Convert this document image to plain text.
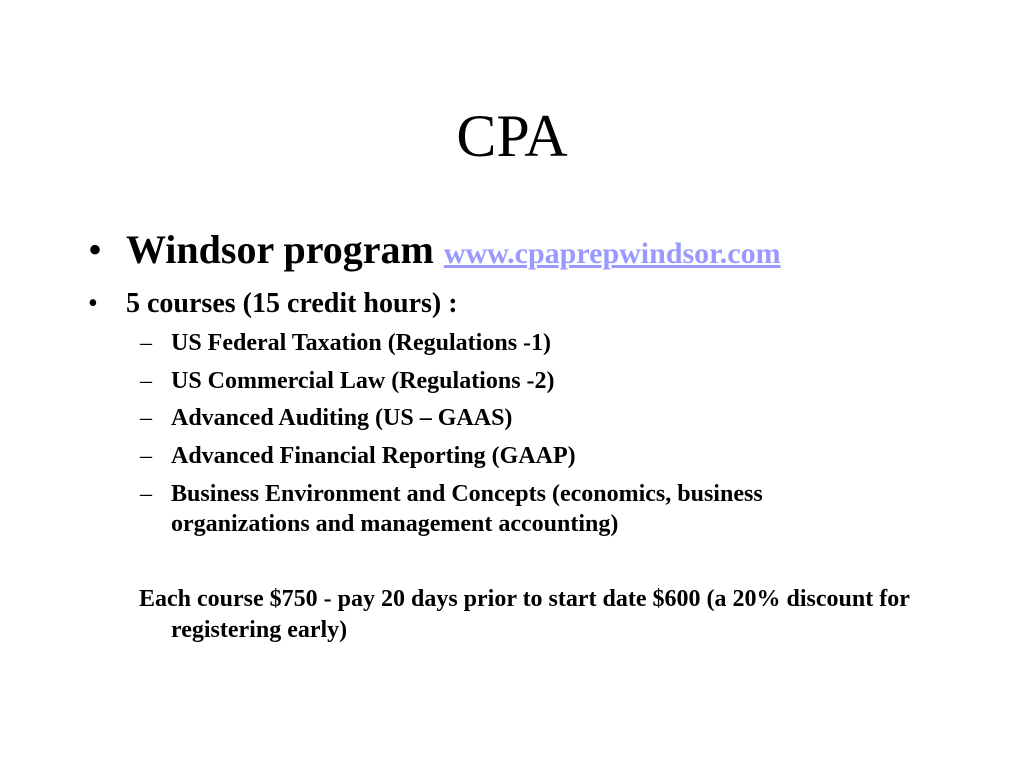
CPA
• Windsor program www.cpaprepwindsor.com
• 5 courses (15 credit hours) :
– US Federal Taxation (Regulations -1)
– US Commercial Law (Regulations -2)
– Advanced Auditing (US – GAAS)
– Advanced Financial Reporting (GAAP)
– Business Environment and Concepts (economics, business organizations and management accounting)
Each course $750 - pay 20 days prior to start date $600 (a 20% discount for registering early)
